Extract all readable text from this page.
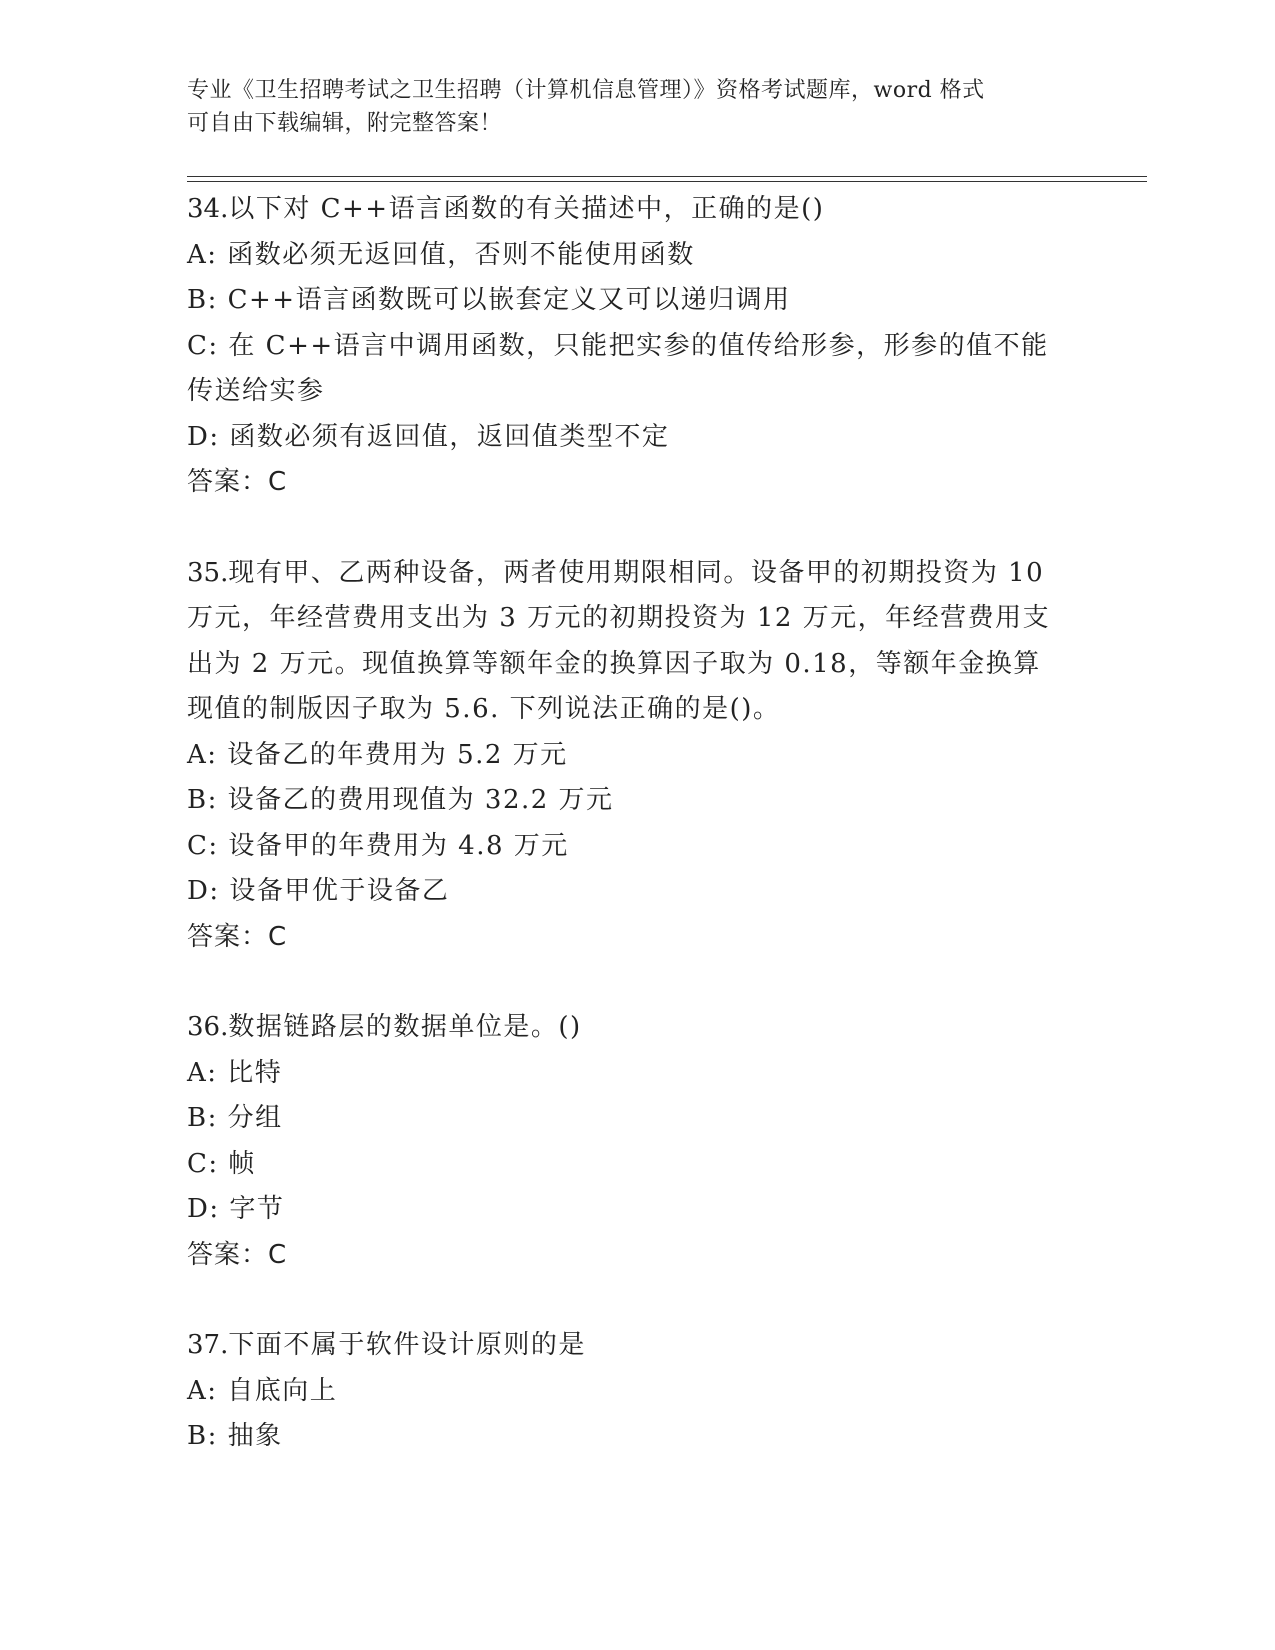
专业《卫生招聘考试之卫生招聘（计算机信息管理）》资格考试题库，word 格式
可自由下载编辑，附完整答案！
34.以下对 C++语言函数的有关描述中，正确的是()
A: 函数必须无返回值，否则不能使用函数
B: C++语言函数既可以嵌套定义又可以递归调用
C: 在 C++语言中调用函数，只能把实参的值传给形参，形参的值不能传送给实参
D: 函数必须有返回值，返回值类型不定
答案：C
35.现有甲、乙两种设备，两者使用期限相同。设备甲的初期投资为 10 万元，年经营费用支出为 3 万元的初期投资为 12 万元，年经营费用支出为 2 万元。现值换算等额年金的换算因子取为 0.18，等额年金换算现值的制版因子取为 5.6. 下列说法正确的是()。
A: 设备乙的年费用为 5.2 万元
B: 设备乙的费用现值为 32.2 万元
C: 设备甲的年费用为 4.8 万元
D: 设备甲优于设备乙
答案：C
36.数据链路层的数据单位是。()
A: 比特
B: 分组
C: 帧
D: 字节
答案：C
37.下面不属于软件设计原则的是
A: 自底向上
B: 抽象
